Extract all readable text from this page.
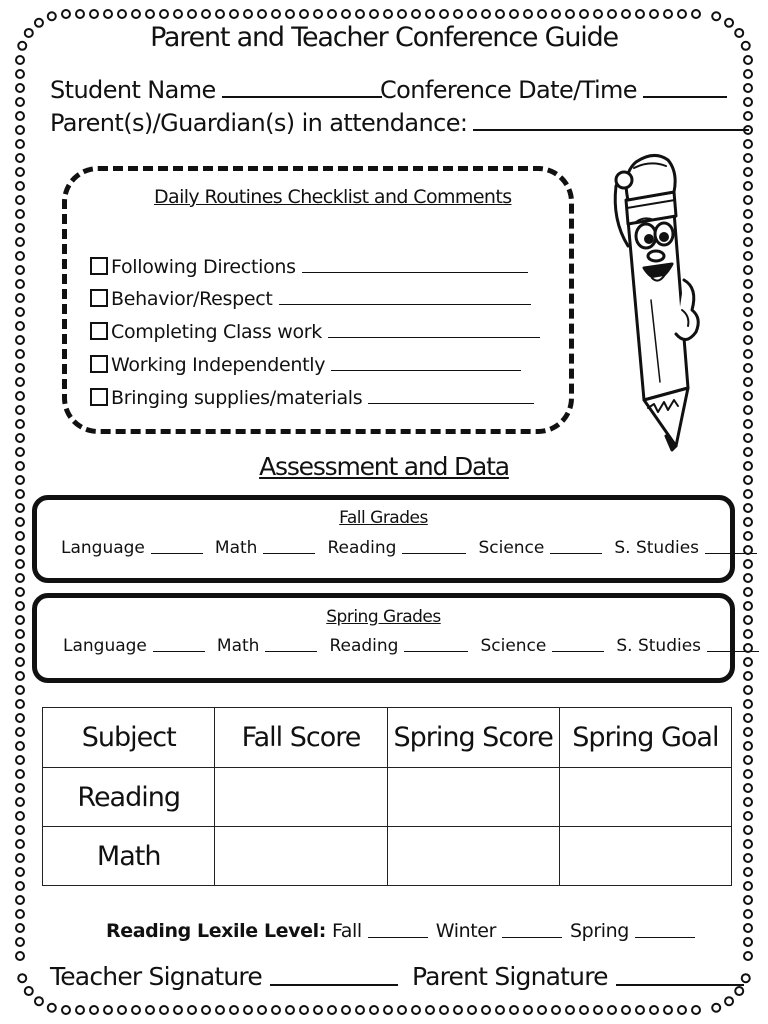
Parent and Teacher Conference Guide
Student Name	Conference Date/Time
Parent(s)/Guardian(s) in attendance:
Daily Routines Checklist and Comments
Following Directions
Behavior/Respect
Completing Class work
Working Independently
Bringing supplies/materials
Assessment and Data
Fall Grades
Language	Math	Reading	Science	S. Studies
Spring Grades
Language	Math	Reading	Science	S. Studies
Subject	Fall Score	Spring Score	Spring Goal
Reading			
Math			
Reading Lexile Level: Fall	Winter	Spring
Teacher Signature	Parent Signature
